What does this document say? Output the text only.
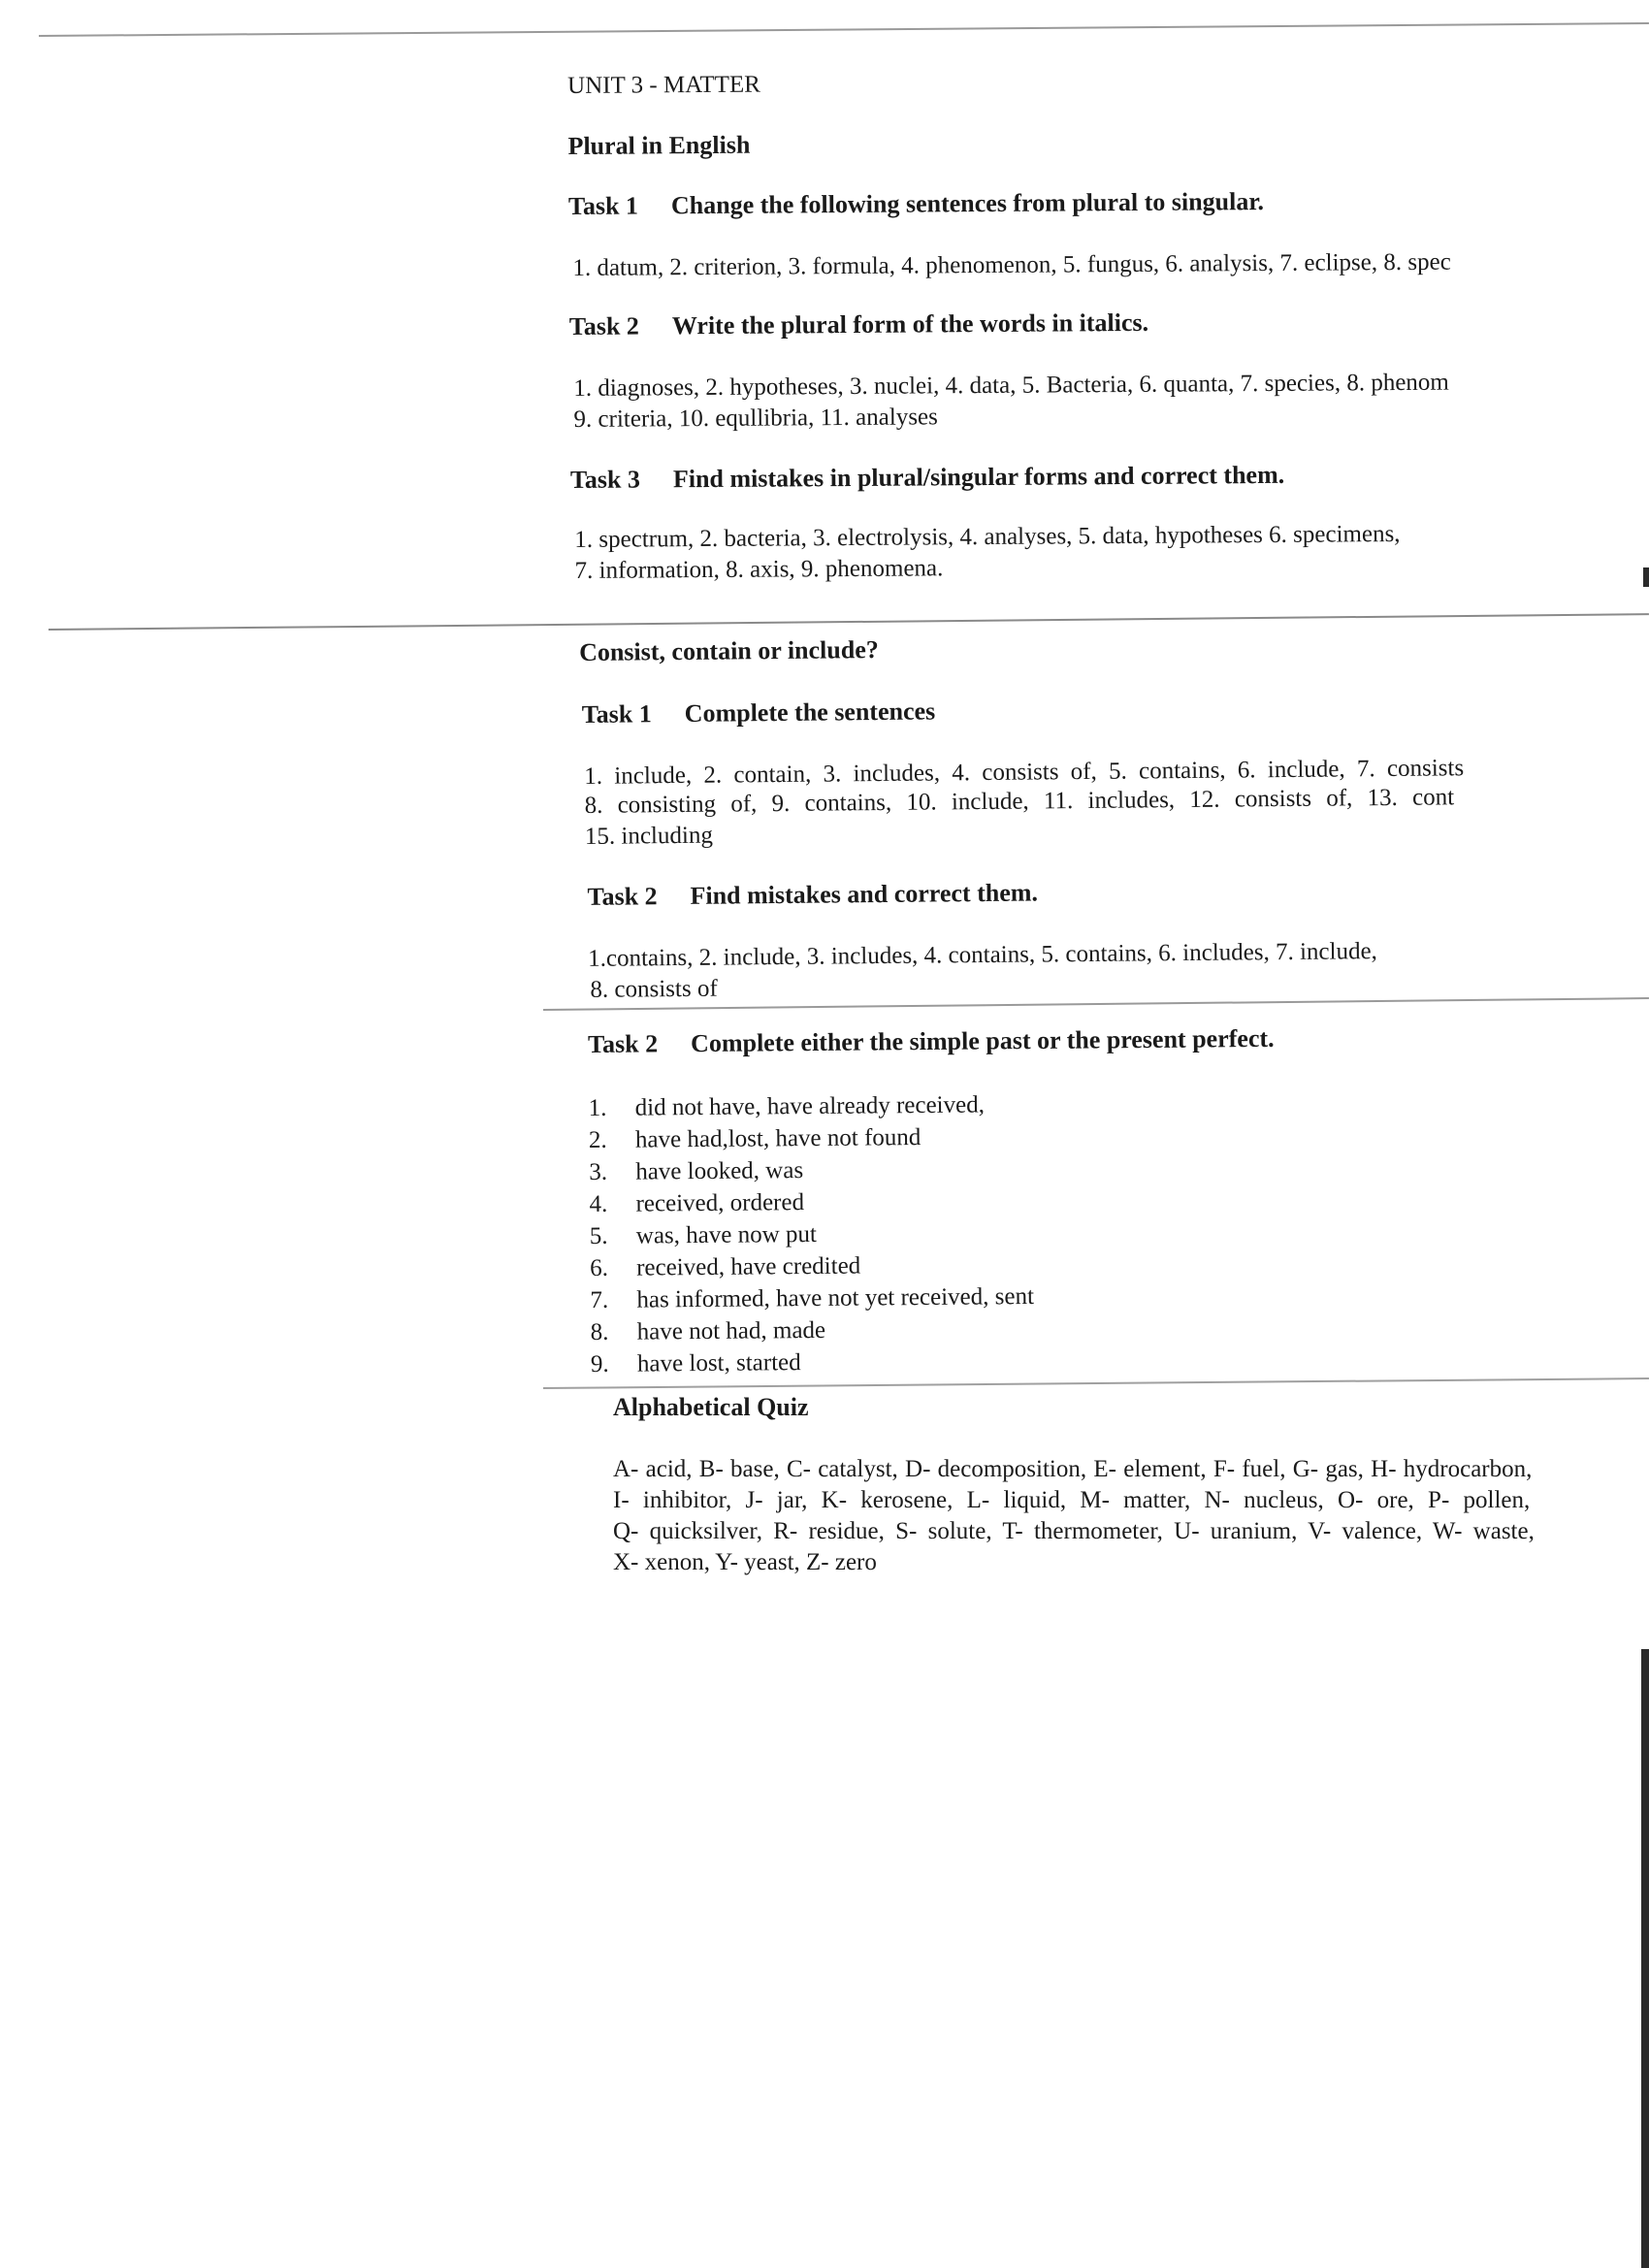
UNIT 3 - MATTER
Plural in English
Task 1 Change the following sentences from plural to singular.
1. datum, 2. criterion, 3. formula, 4. phenomenon, 5. fungus, 6. analysis, 7. eclipse, 8. spec
Task 2 Write the plural form of the words in italics.
1. diagnoses, 2. hypotheses, 3. nuclei, 4. data, 5. Bacteria, 6. quanta, 7. species, 8. phenom
9. criteria, 10. equllibria, 11. analyses
Task 3 Find mistakes in plural/singular forms and correct them.
1. spectrum, 2. bacteria, 3. electrolysis, 4. analyses, 5. data, hypotheses 6. specimens,
7. information, 8. axis, 9. phenomena.
Consist, contain or include?
Task 1 Complete the sentences
1. include, 2. contain, 3. includes, 4. consists of, 5. contains, 6. include, 7. consists
8. consisting of, 9. contains, 10. include, 11. includes, 12. consists of, 13. cont
15. including
Task 2 Find mistakes and correct them.
1.contains, 2. include, 3. includes, 4. contains, 5. contains, 6. includes, 7. include,
8. consists of
Task 2 Complete either the simple past or the present perfect.
1. did not have, have already received,
2. have had,lost, have not found
3. have looked, was
4. received, ordered
5. was, have now put
6. received, have credited
7. has informed, have not yet received, sent
8. have not had, made
9. have lost, started
Alphabetical Quiz
A- acid, B- base, C- catalyst, D- decomposition, E- element, F- fuel, G- gas, H- hydrocarbon,
I- inhibitor, J- jar, K- kerosene, L- liquid, M- matter, N- nucleus, O- ore, P- pollen,
Q- quicksilver, R- residue, S- solute, T- thermometer, U- uranium, V- valence, W- waste,
X- xenon, Y- yeast, Z- zero
